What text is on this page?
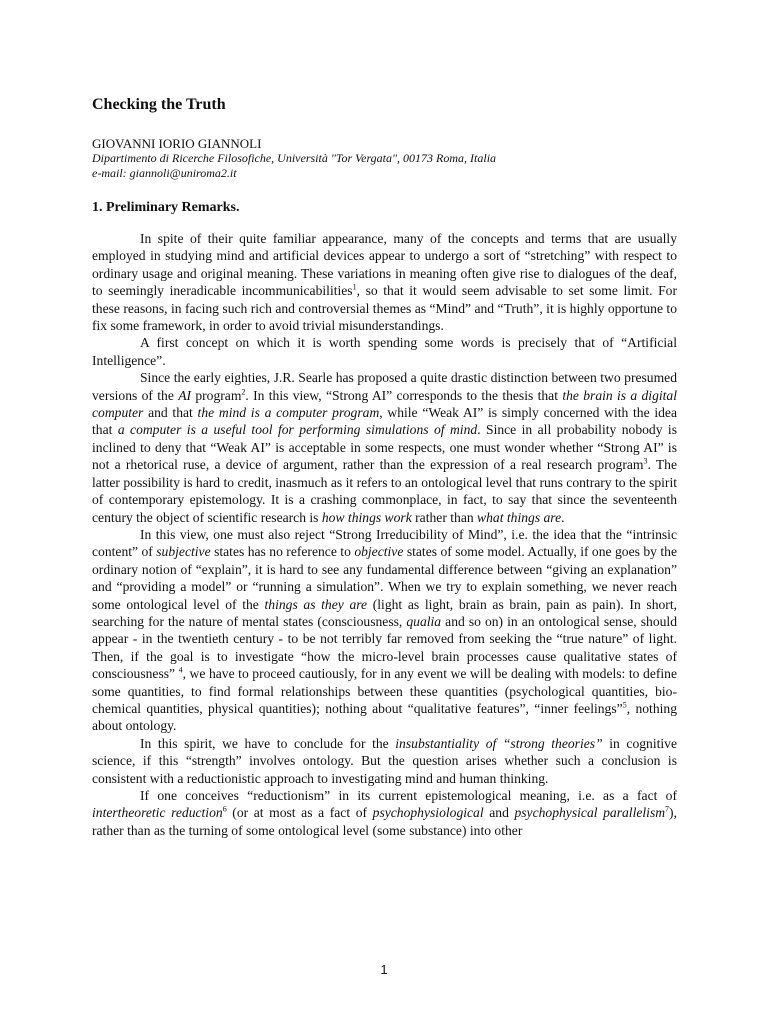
Checking the Truth
GIOVANNI IORIO GIANNOLI
Dipartimento di Ricerche Filosofiche, Università "Tor Vergata", 00173 Roma, Italia
e-mail: giannoli@uniroma2.it
1. Preliminary Remarks.

In spite of their quite familiar appearance, many of the concepts and terms that are usually employed in studying mind and artificial devices appear to undergo a sort of “stretching” with respect to ordinary usage and original meaning. These variations in meaning often give rise to dialogues of the deaf, to seemingly ineradicable incommunicabilities$^1$, so that it would seem advisable to set some limit. For these reasons, in facing such rich and controversial themes as “Mind” and “Truth”, it is highly opportune to fix some framework, in order to avoid trivial misunderstandings.

A first concept on which it is worth spending some words is precisely that of “Artificial Intelligence”.

Since the early eighties, J.R. Searle has proposed a quite drastic distinction between two presumed versions of the AI program$^2$. In this view, “Strong AI” corresponds to the thesis that the brain is a digital computer and that the mind is a computer program, while “Weak AI” is simply concerned with the idea that a computer is a useful tool for performing simulations of mind. Since in all probability nobody is inclined to deny that “Weak AI” is acceptable in some respects, one must wonder whether “Strong AI” is not a rhetorical ruse, a device of argument, rather than the expression of a real research program$^3$. The latter possibility is hard to credit, inasmuch as it refers to an ontological level that runs contrary to the spirit of contemporary epistemology. It is a crashing commonplace, in fact, to say that since the seventeenth century the object of scientific research is how things work rather than what things are.

In this view, one must also reject “Strong Irreducibility of Mind”, i.e. the idea that the “intrinsic content” of subjective states has no reference to objective states of some model. Actually, if one goes by the ordinary notion of “explain”, it is hard to see any fundamental difference between “giving an explanation” and “providing a model” or “running a simulation”. When we try to explain something, we never reach some ontological level of the things as they are (light as light, brain as brain, pain as pain). In short, searching for the nature of mental states (consciousness, qualia and so on) in an ontological sense, should appear - in the twentieth century - to be not terribly far removed from seeking the “true nature” of light. Then, if the goal is to investigate “how the micro-level brain processes cause qualitative states of consciousness” $^4$, we have to proceed cautiously, for in any event we will be dealing with models: to define some quantities, to find formal relationships between these quantities (psychological quantities, bio-chemical quantities, physical quantities); nothing about “qualitative features”, “inner feelings”$^5$, nothing about ontology.

In this spirit, we have to conclude for the insubstantiality of “strong theories” in cognitive science, if this “strength” involves ontology. But the question arises whether such a conclusion is consistent with a reductionistic approach to investigating mind and human thinking.

If one conceives “reductionism” in its current epistemological meaning, i.e. as a fact of intertheoretic reduction$^6$ (or at most as a fact of psychophysiological and psychophysical parallelism$^7$), rather than as the turning of some ontological level (some substance) into other

1
